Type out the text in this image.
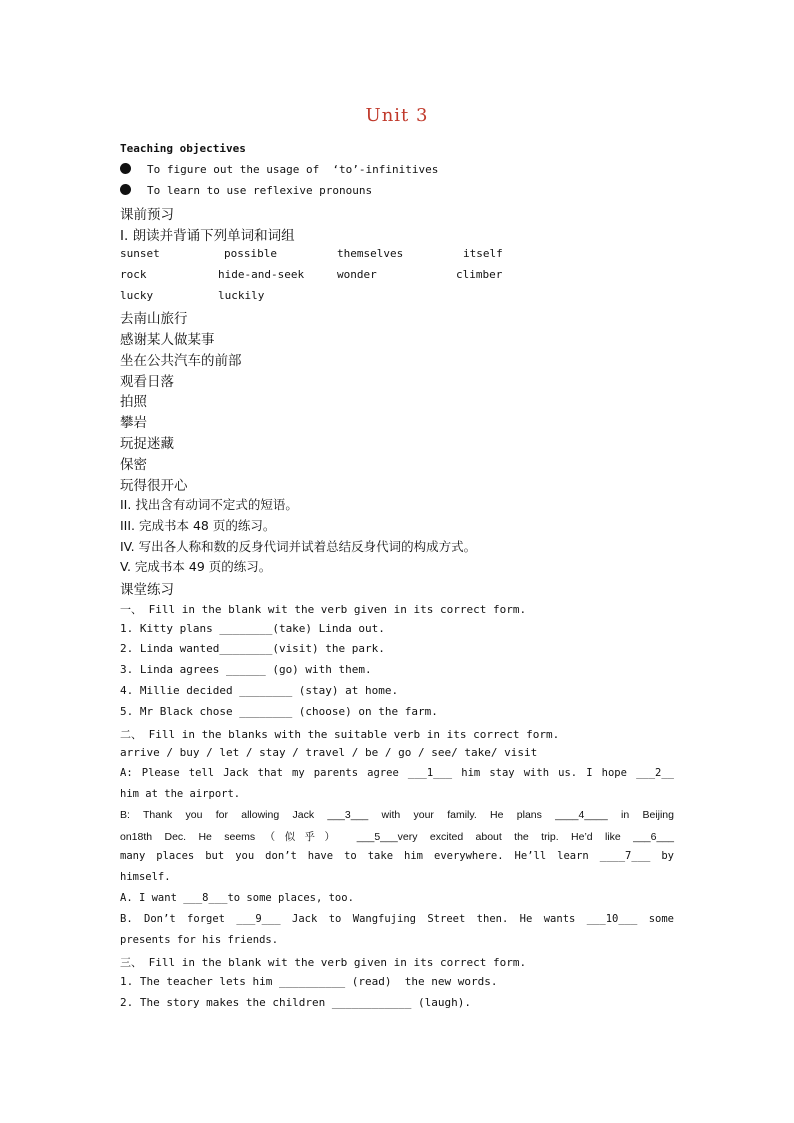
Unit 3
Teaching objectives
To figure out the usage of  ‘to’-infinitives
To learn to use reflexive pronouns
课前预习
I. 朗读并背诵下列单词和词组
sunset	possible	themselves	itself
rock	hide-and-seek	wonder	climber
lucky	luckily
去南山旅行
感谢某人做某事
坐在公共汽车的前部
观看日落
拍照
攀岩
玩捉迷藏
保密
玩得很开心
II. 找出含有动词不定式的短语。
III. 完成书本 48 页的练习。
IV. 写出各人称和数的反身代词并试着总结反身代词的构成方式。
V. 完成书本 49 页的练习。
课堂练习
一、 Fill in the blank wit the verb given in its correct form.
1. Kitty plans ________(take) Linda out.
2. Linda wanted________(visit) the park.
3. Linda agrees ______ (go) with them.
4. Millie decided ________ (stay) at home.
5. Mr Black chose ________ (choose) on the farm.
二、 Fill in the blanks with the suitable verb in its correct form.
arrive / buy / let / stay / travel / be / go / see/ take/ visit
A: Please tell Jack that my parents agree ___1___ him stay with us. I hope ___2__
him at the airport.
B: Thank you for allowing Jack ___3___ with your family. He plans ____4____ in Beijing
on18th Dec. He seems（似乎） ___5___very excited about the trip. He’d like ___6___
many places but you don’t have to take him everywhere. He’ll learn ____7___ by
himself.
A. I want ___8___to some places, too.
B. Don’t forget ___9___ Jack to Wangfujing Street then. He wants ___10___ some
presents for his friends.
三、 Fill in the blank wit the verb given in its correct form.
1. The teacher lets him __________ (read)  the new words.
2. The story makes the children ____________ (laugh).
